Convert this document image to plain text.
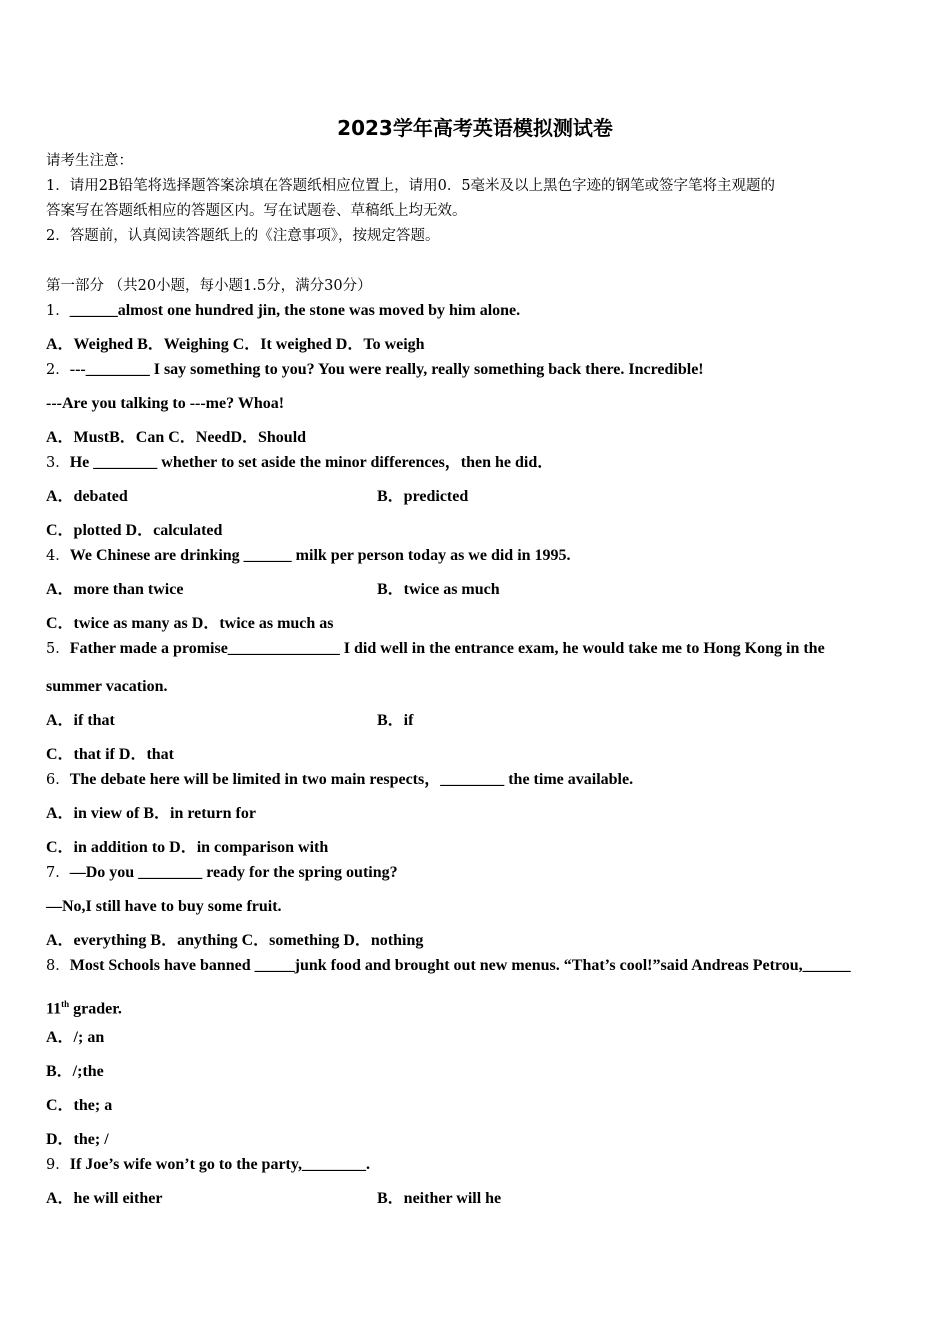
2023学年高考英语模拟测试卷
请考生注意：
1．请用2B铅笔将选择题答案涂填在答题纸相应位置上，请用0．5毫米及以上黑色字迹的钢笔或签字笔将主观题的
答案写在答题纸相应的答题区内。写在试题卷、草稿纸上均无效。
2．答题前，认真阅读答题纸上的《注意事项》，按规定答题。
第一部分 （共20小题，每小题1.5分，满分30分）
1．______almost one hundred jin, the stone was moved by him alone.
A．Weighed B．Weighing C．It weighed D．To weigh
2．---________ I say something to you? You were really, really something back there. Incredible!
---Are you talking to ---me? Whoa!
A．MustB．Can C．NeedD．Should
3．He ________ whether to set aside the minor differences，then he did．
A．debated	B．predicted
C．plotted D．calculated
4．We Chinese are drinking ______ milk per person today as we did in 1995.
A．more than twice	B．twice as much
C．twice as many as D．twice as much as
5．Father made a promise______________ I did well in the entrance exam, he would take me to Hong Kong in the
summer vacation.
A．if that	B．if
C．that if D．that
6．The debate here will be limited in two main respects，________ the time available.
A．in view of B．in return for
C．in addition to D．in comparison with
7．—Do you ________ ready for the spring outing?
—No,I still have to buy some fruit.
A．everything B．anything C．something D．nothing
8．Most Schools have banned _____junk food and brought out new menus. “That’s cool!”said Andreas Petrou,______
11th grader.
A．/; an
B．/;the
C．the; a
D．the; /
9．If Joe’s wife won’t go to the party,________.
A．he will either	B．neither will he
